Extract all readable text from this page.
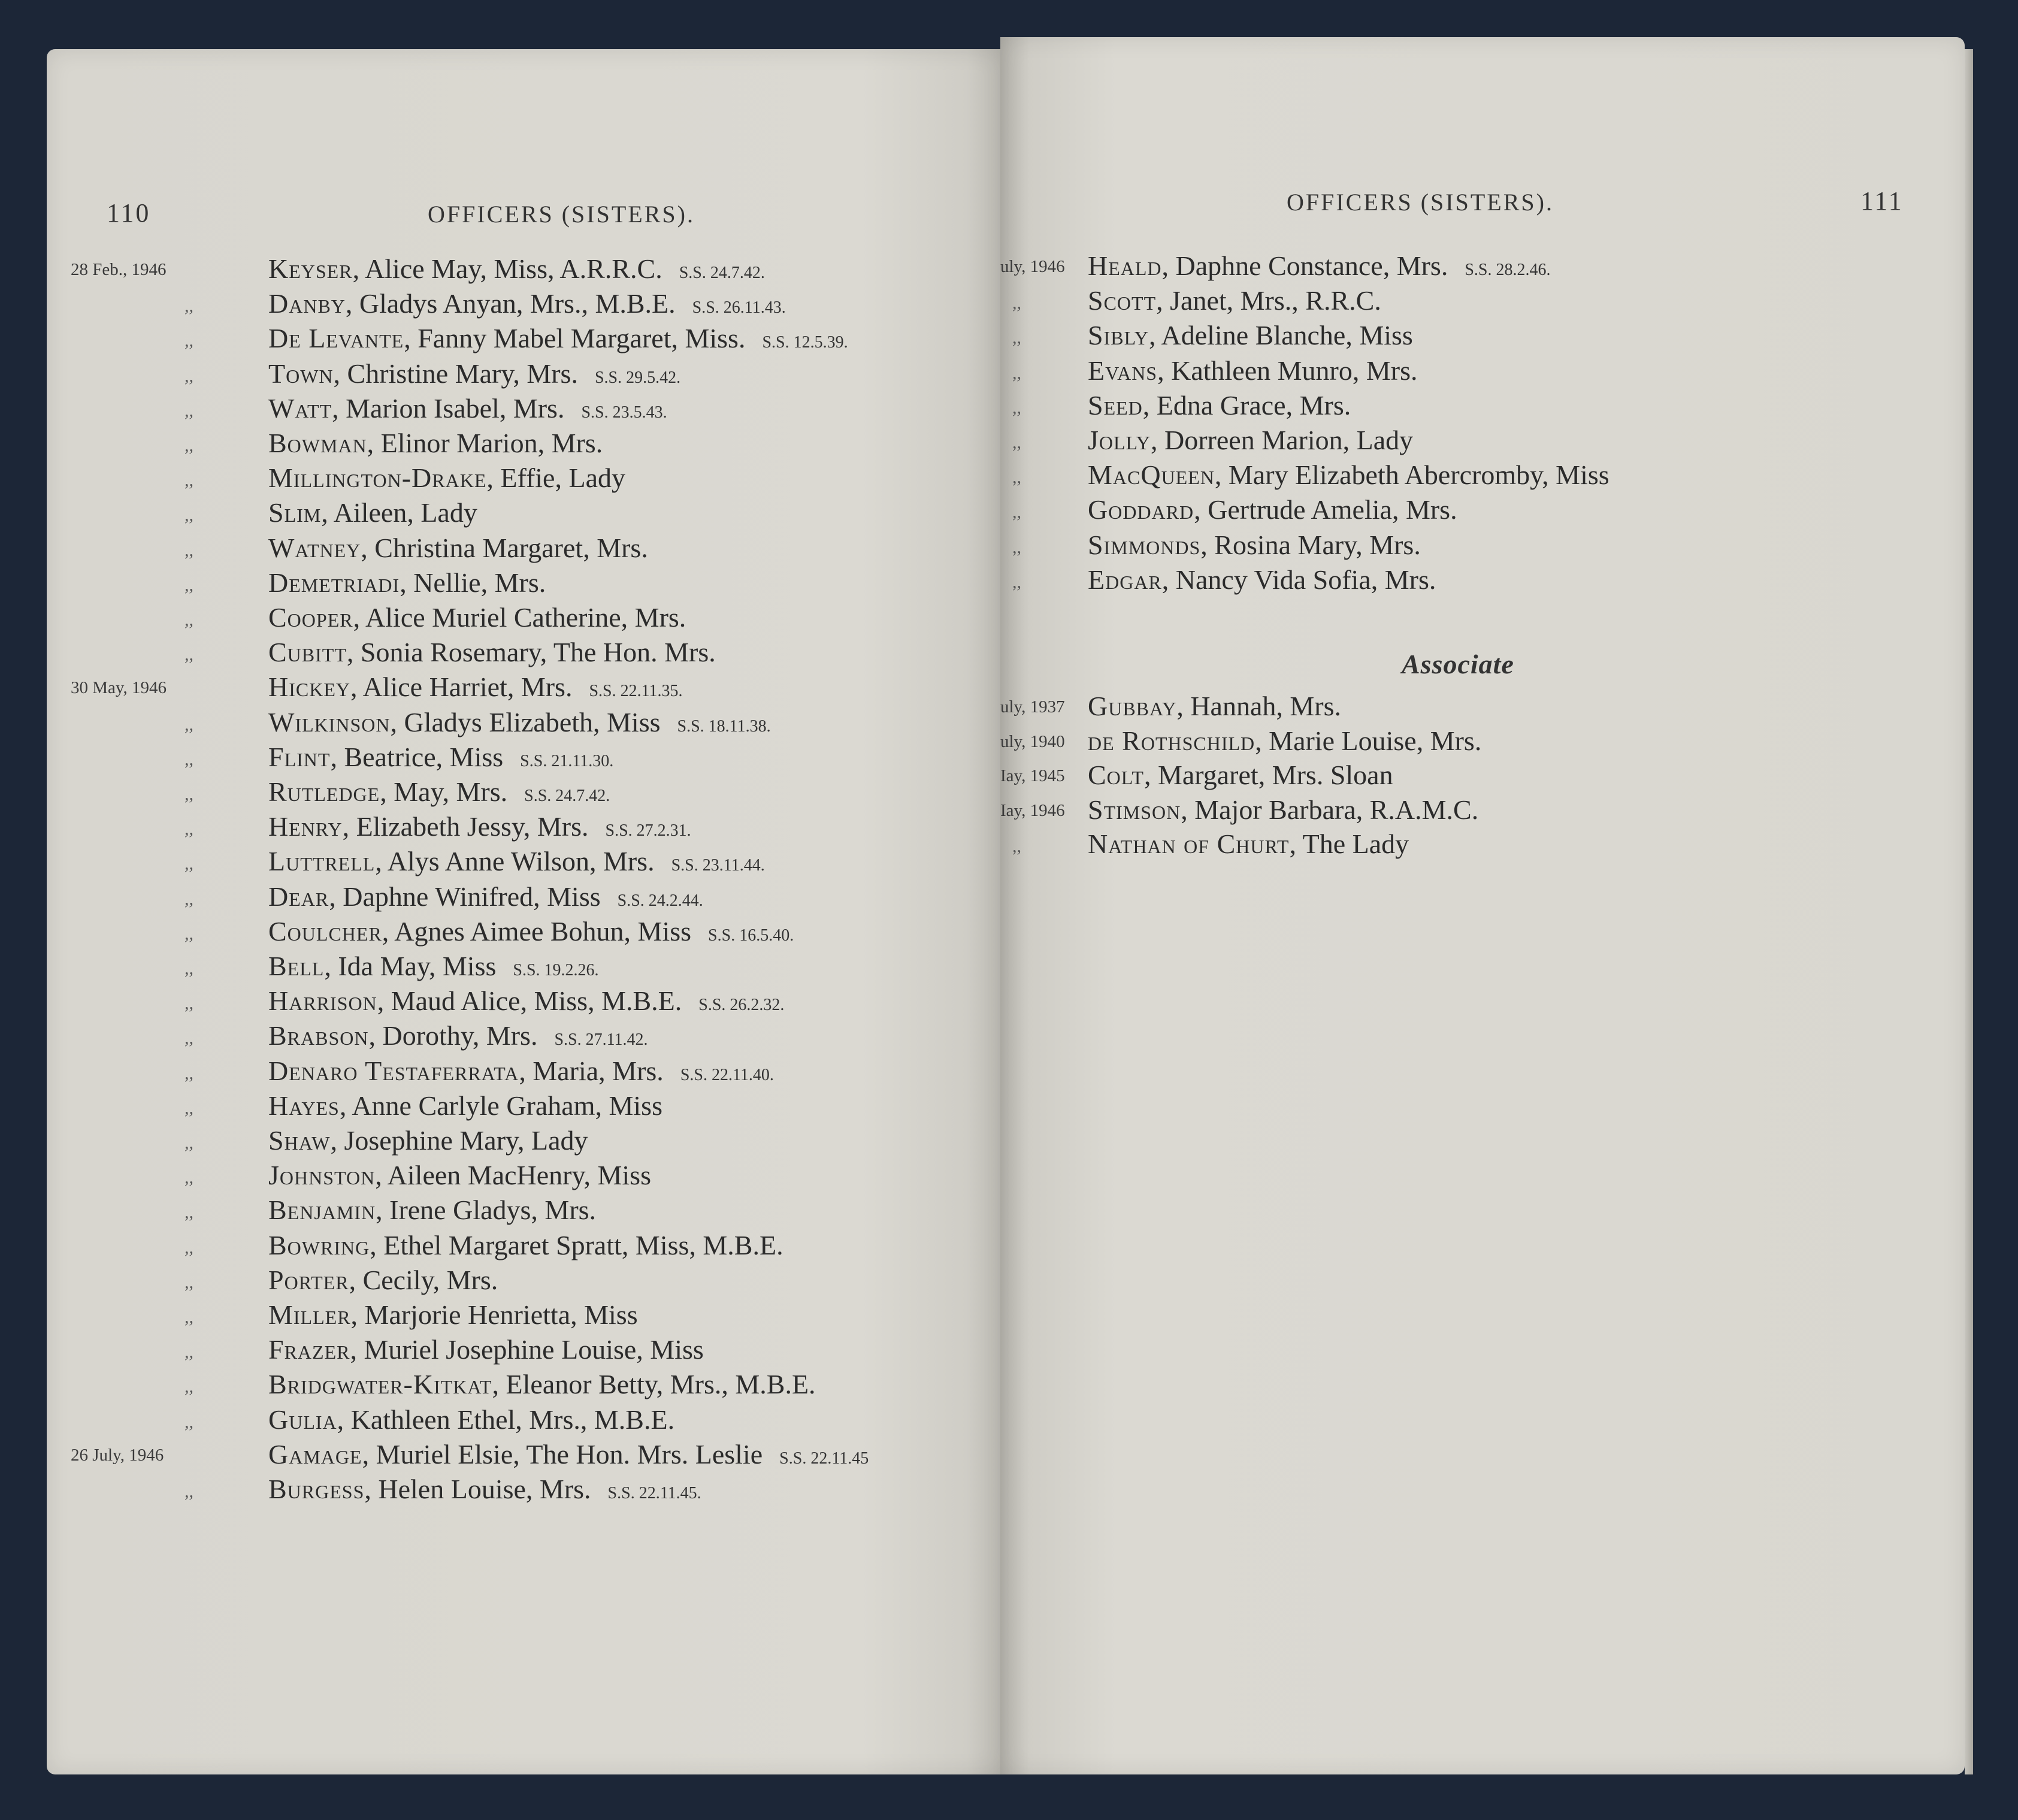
110	OFFICERS (SISTERS).
28 Feb., 1946	Keyser, Alice May, Miss, A.R.R.C. S.S. 24.7.42.
,,	Danby, Gladys Anyan, Mrs., M.B.E. S.S. 26.11.43.
,,	De Levante, Fanny Mabel Margaret, Miss. S.S. 12.5.39.
,,	Town, Christine Mary, Mrs. S.S. 29.5.42.
,,	Watt, Marion Isabel, Mrs. S.S. 23.5.43.
,,	Bowman, Elinor Marion, Mrs.
,,	Millington-Drake, Effie, Lady
,,	Slim, Aileen, Lady
,,	Watney, Christina Margaret, Mrs.
,,	Demetriadi, Nellie, Mrs.
,,	Cooper, Alice Muriel Catherine, Mrs.
,,	Cubitt, Sonia Rosemary, The Hon. Mrs.
30 May, 1946	Hickey, Alice Harriet, Mrs. S.S. 22.11.35.
,,	Wilkinson, Gladys Elizabeth, Miss S.S. 18.11.38.
,,	Flint, Beatrice, Miss S.S. 21.11.30.
,,	Rutledge, May, Mrs. S.S. 24.7.42.
,,	Henry, Elizabeth Jessy, Mrs. S.S. 27.2.31.
,,	Luttrell, Alys Anne Wilson, Mrs. S.S. 23.11.44.
,,	Dear, Daphne Winifred, Miss S.S. 24.2.44.
,,	Coulcher, Agnes Aimee Bohun, Miss S.S. 16.5.40.
,,	Bell, Ida May, Miss S.S. 19.2.26.
,,	Harrison, Maud Alice, Miss, M.B.E. S.S. 26.2.32.
,,	Brabson, Dorothy, Mrs. S.S. 27.11.42.
,,	Denaro Testaferrata, Maria, Mrs. S.S. 22.11.40.
,,	Hayes, Anne Carlyle Graham, Miss
,,	Shaw, Josephine Mary, Lady
,,	Johnston, Aileen MacHenry, Miss
,,	Benjamin, Irene Gladys, Mrs.
,,	Bowring, Ethel Margaret Spratt, Miss, M.B.E.
,,	Porter, Cecily, Mrs.
,,	Miller, Marjorie Henrietta, Miss
,,	Frazer, Muriel Josephine Louise, Miss
,,	Bridgwater-Kitkat, Eleanor Betty, Mrs., M.B.E.
,,	Gulia, Kathleen Ethel, Mrs., M.B.E.
26 July, 1946	Gamage, Muriel Elsie, The Hon. Mrs. Leslie S.S. 22.11.45
,,	Burgess, Helen Louise, Mrs. S.S. 22.11.45.
OFFICERS (SISTERS).	111
uly, 1946 Heald, Daphne Constance, Mrs. S.S. 28.2.46.
,, Scott, Janet, Mrs., R.R.C.
,, Sibly, Adeline Blanche, Miss
,, Evans, Kathleen Munro, Mrs.
,, Seed, Edna Grace, Mrs.
,, Jolly, Dorreen Marion, Lady
,, MacQueen, Mary Elizabeth Abercromby, Miss
,, Goddard, Gertrude Amelia, Mrs.
,, Simmonds, Rosina Mary, Mrs.
,, Edgar, Nancy Vida Sofia, Mrs.
Associate
uly, 1937 Gubbay, Hannah, Mrs.
uly, 1940 de Rothschild, Marie Louise, Mrs.
Iay, 1945 Colt, Margaret, Mrs. Sloan
Iay, 1946 Stimson, Major Barbara, R.A.M.C.
,, Nathan of Churt, The Lady
